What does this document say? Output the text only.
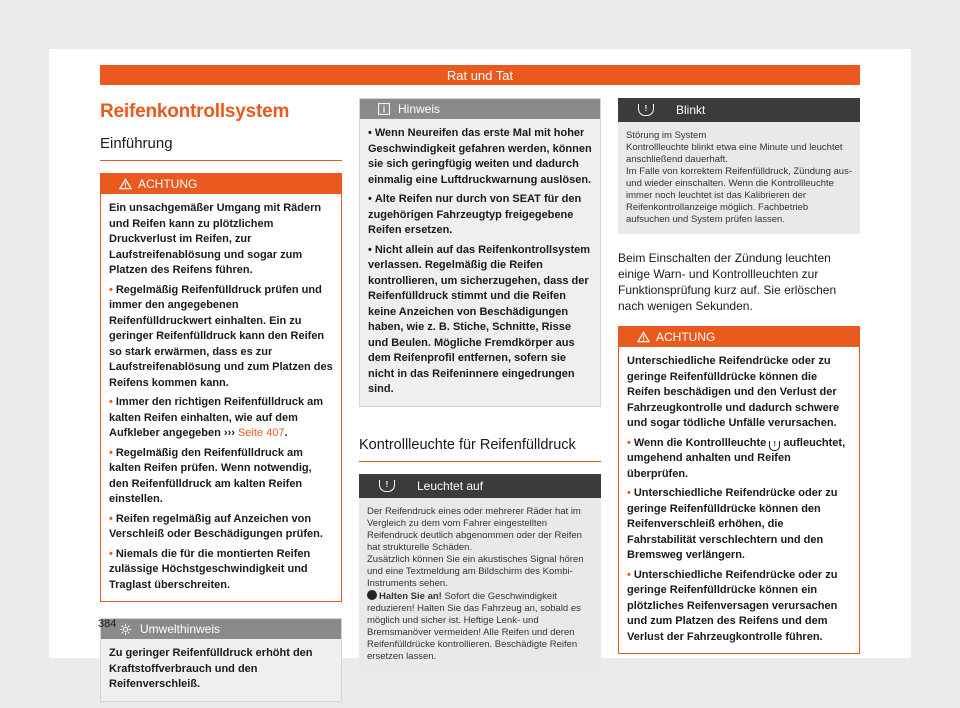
Rat und Tat
Reifenkontrollsystem
Einführung
ACHTUNG

Ein unsachgemäßer Umgang mit Rädern und Reifen kann zu plötzlichem Druckverlust im Reifen, zur Laufstreifenablösung und sogar zum Platzen des Reifens führen.

• Regelmäßig Reifenfülldruck prüfen und immer den angegebenen Reifenfülldruckwert einhalten. Ein zu geringer Reifenfülldruck kann den Reifen so stark erwärmen, dass es zur Laufstreifenablösung und zum Platzen des Reifens kommen kann.
• Immer den richtigen Reifenfülldruck am kalten Reifen einhalten, wie auf dem Aufkleber angegeben ››› Seite 407.
• Regelmäßig den Reifenfülldruck am kalten Reifen prüfen. Wenn notwendig, den Reifenfülldruck am kalten Reifen einstellen.
• Reifen regelmäßig auf Anzeichen von Verschleiß oder Beschädigungen prüfen.
• Niemals die für die montierten Reifen zulässige Höchstgeschwindigkeit und Traglast überschreiten.
Umwelthinweis

Zu geringer Reifenfülldruck erhöht den Kraftstoffverbrauch und den Reifenverschleiß.

Hinweis
• Wenn Neureifen das erste Mal mit hoher Geschwindigkeit gefahren werden, können sie sich geringfügig weiten und dadurch einmalig eine Luftdruckwarnung auslösen.
• Alte Reifen nur durch von SEAT für den zugehörigen Fahrzeugtyp freigegebene Reifen ersetzen.
• Nicht allein auf das Reifenkontrollsystem verlassen. Regelmäßig die Reifen kontrollieren, um sicherzugehen, dass der Reifenfülldruck stimmt und die Reifen keine Anzeichen von Beschädigungen haben, wie z. B. Stiche, Schnitte, Risse und Beulen. Mögliche Fremdkörper aus dem Reifenprofil entfernen, sofern sie nicht in das Reifeninnere eingedrungen sind.
Kontrollleuchte für Reifenfülldruck
!	Leuchtet auf

Der Reifendruck eines oder mehrerer Räder hat im Vergleich zu dem vom Fahrer eingestellten Reifendruck deutlich abgenommen oder der Reifen hat strukturelle Schäden.

Zusätzlich können Sie ein akustisches Signal hören und eine Textmeldung am Bildschirm des Kombi-Instruments sehen.

Halten Sie an! Sofort die Geschwindigkeit reduzieren! Halten Sie das Fahrzeug an, sobald es möglich und sicher ist. Heftige Lenk- und Bremsmanöver vermeiden! Alle Reifen und deren Reifenfülldrücke kontrollieren. Beschädigte Reifen ersetzen lassen.

!	Blinkt

Störung im System

Kontrollleuchte blinkt etwa eine Minute und leuchtet anschließend dauerhaft.

Im Falle von korrektem Reifenfülldruck, Zündung aus- und wieder einschalten. Wenn die Kontrollleuchte immer noch leuchtet ist das Kalibrieren der Reifenkontrollanzeige möglich. Fachbetrieb aufsuchen und System prüfen lassen.

Beim Einschalten der Zündung leuchten einige Warn- und Kontrollleuchten zur Funktionsprüfung kurz auf. Sie erlöschen nach wenigen Sekunden.

ACHTUNG

Unterschiedliche Reifendrücke oder zu geringe Reifenfülldrücke können die Reifen beschädigen und den Verlust der Fahrzeugkontrolle und dadurch schwere und sogar tödliche Unfälle verursachen.

• Wenn die Kontrollleuchte ! aufleuchtet, umgehend anhalten und Reifen überprüfen.
• Unterschiedliche Reifendrücke oder zu geringe Reifenfülldrücke können den Reifenverschleiß erhöhen, die Fahrstabilität verschlechtern und den Bremsweg verlängern.
• Unterschiedliche Reifendrücke oder zu geringe Reifenfülldrücke können ein plötzliches Reifenversagen verursachen und zum Platzen des Reifens und dem Verlust der Fahrzeugkontrolle führen.
384
